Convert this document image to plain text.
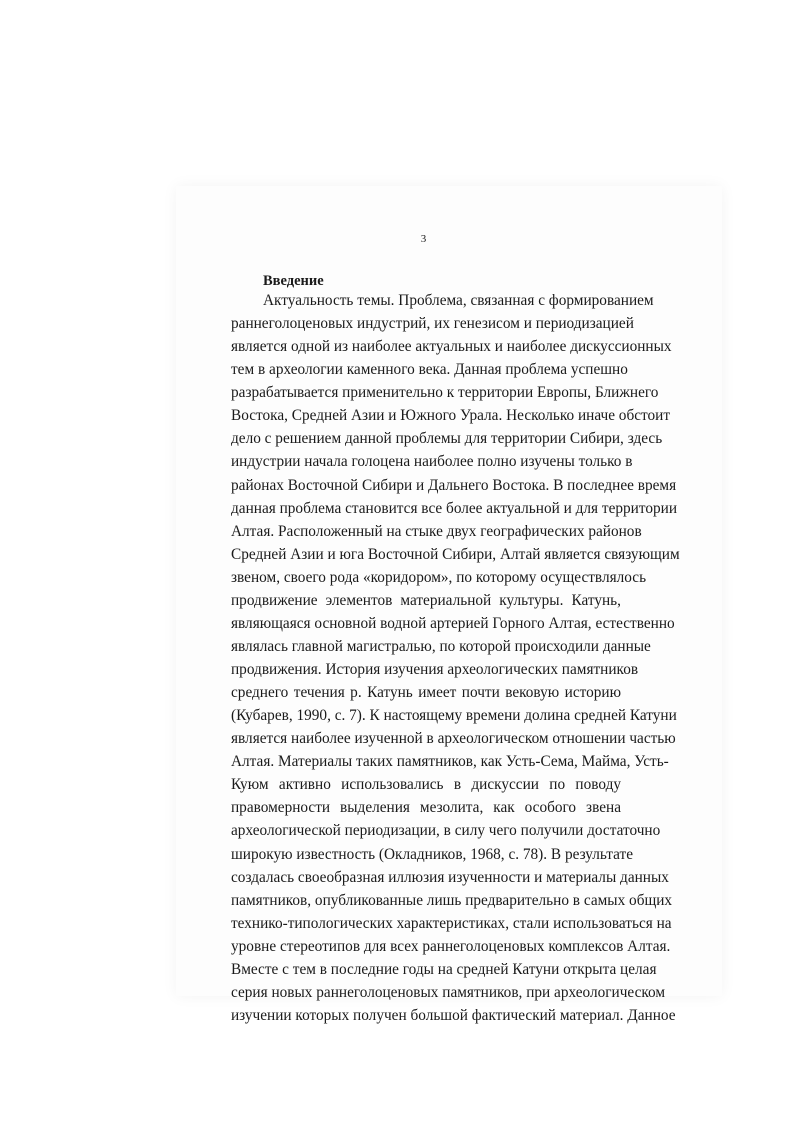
3
Введение
Актуальность темы. Проблема, связанная с формированием
раннеголоценовых индустрий, их генезисом и периодизацией
является одной из наиболее актуальных и наиболее дискуссионных
тем в археологии каменного века. Данная проблема успешно
разрабатывается применительно к территории Европы, Ближнего
Востока, Средней Азии и Южного Урала. Несколько иначе обстоит
дело с решением данной проблемы для территории Сибири, здесь
индустрии начала голоцена наиболее полно изучены только в
районах Восточной Сибири и Дальнего Востока. В последнее время
данная проблема становится все более актуальной и для территории
Алтая. Расположенный на стыке двух географических районов
Средней Азии и юга Восточной Сибири, Алтай является связующим
звеном, своего рода «коридором», по которому осуществлялось
продвижение элементов материальной культуры. Катунь,
являющаяся основной водной артерией Горного Алтая, естественно
являлась главной магистралью, по которой происходили данные
продвижения. История изучения археологических памятников
среднего течения р. Катунь имеет почти вековую историю
(Кубарев, 1990, с. 7). К настоящему времени долина средней Катуни
является наиболее изученной в археологическом отношении частью
Алтая. Материалы таких памятников, как Усть-Сема, Майма, Усть-
Куюм активно использовались в дискуссии по поводу
правомерности выделения мезолита, как особого звена
археологической периодизации, в силу чего получили достаточно
широкую известность (Окладников, 1968, с. 78). В результате
создалась своеобразная иллюзия изученности и материалы данных
памятников, опубликованные лишь предварительно в самых общих
технико-типологических характеристиках, стали использоваться на
уровне стереотипов для всех раннеголоценовых комплексов Алтая.
Вместе с тем в последние годы на средней Катуни открыта целая
серия новых раннеголоценовых памятников, при археологическом
изучении которых получен большой фактический материал. Данное
